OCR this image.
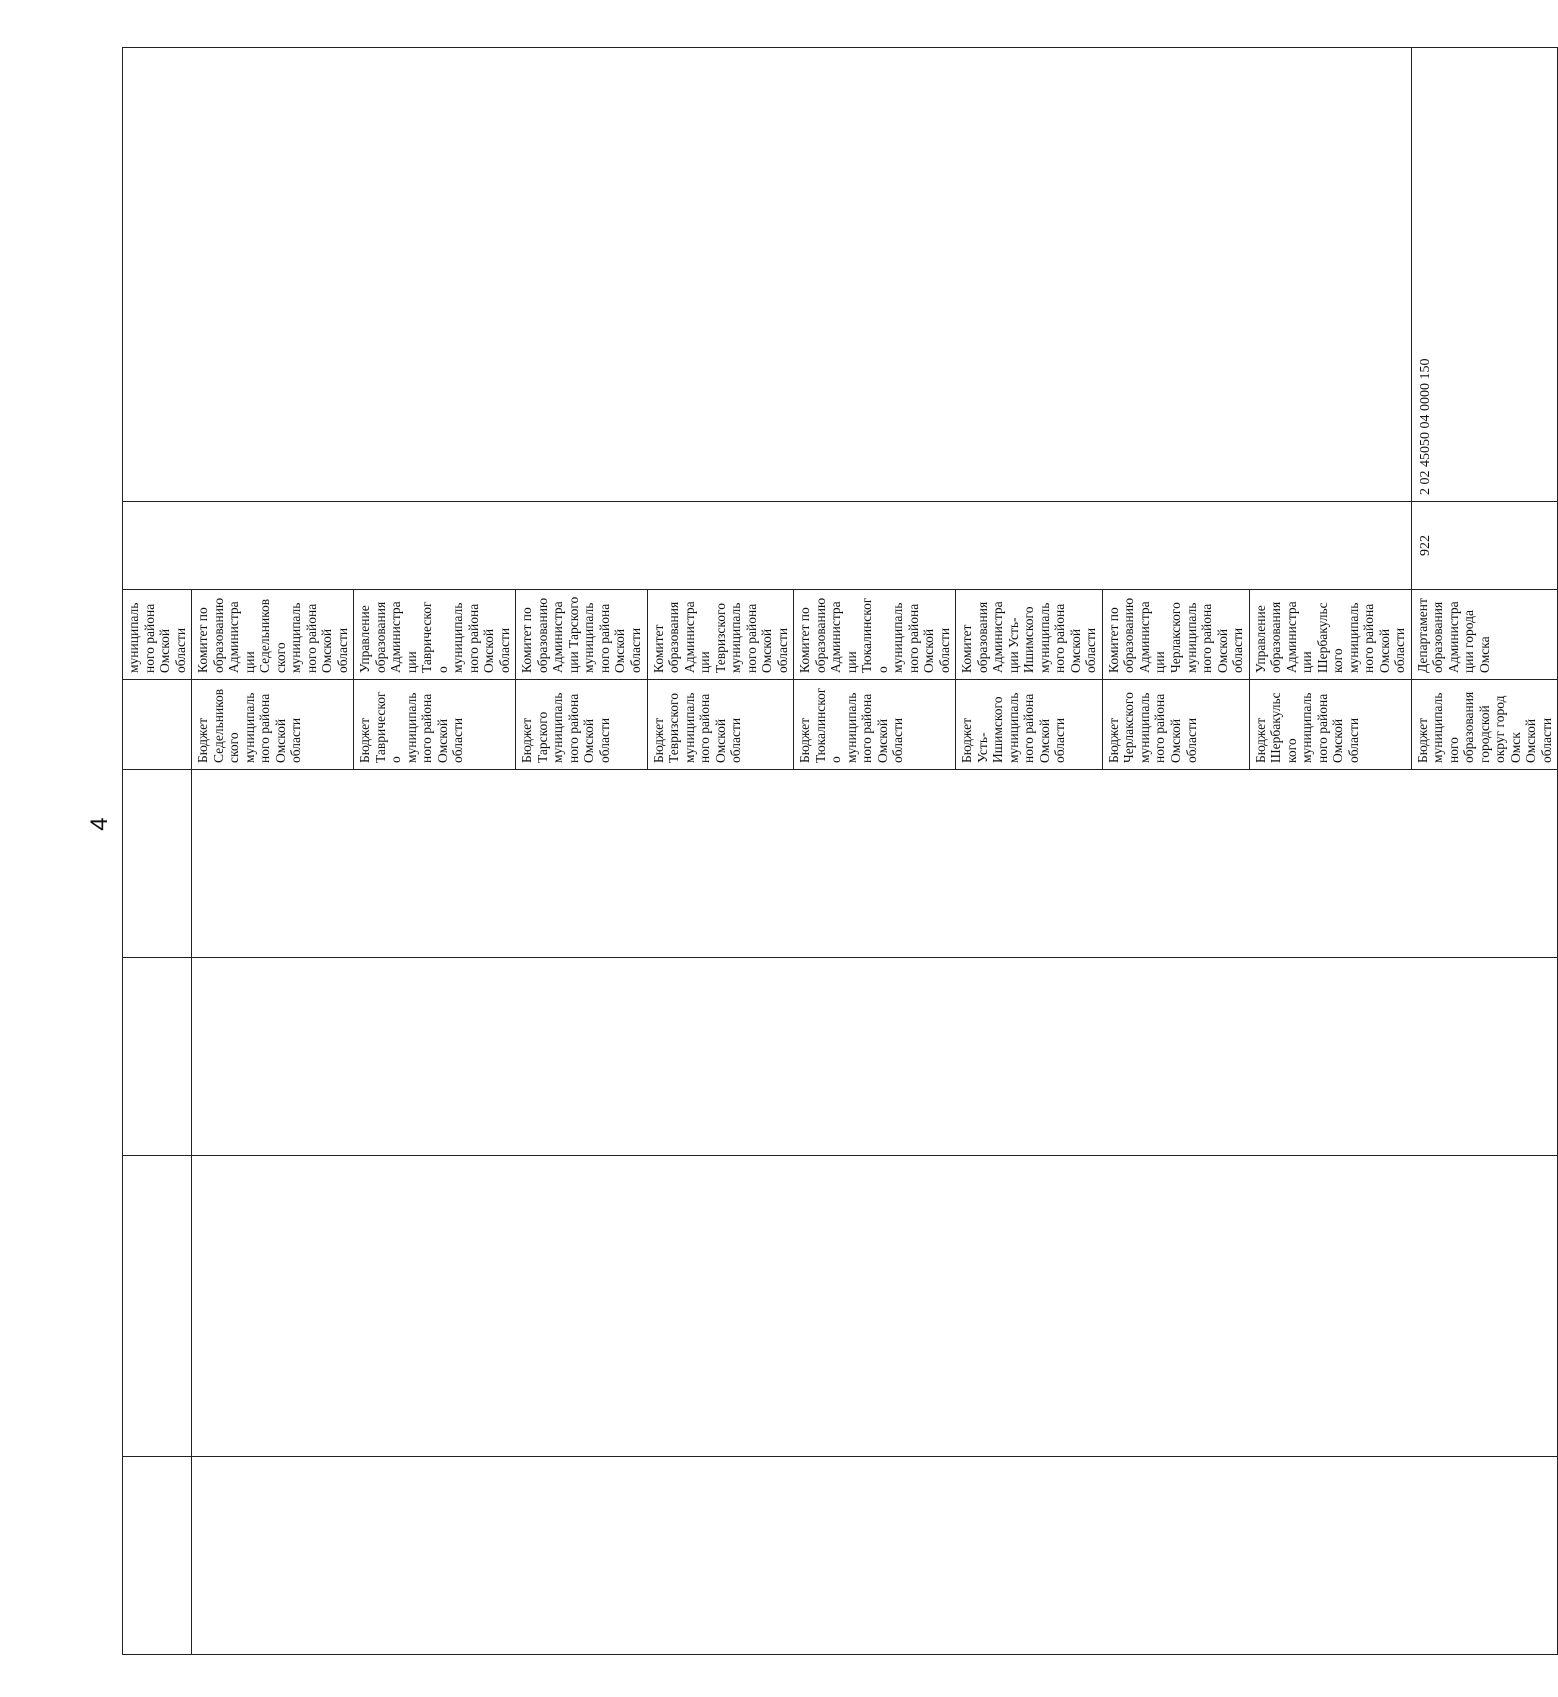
4
					муниципального района Омской области		
				Бюджет Седельниковского муниципального района Омской области	Комитет по образованию Администрации Седельниковского муниципального района Омской области		
				Бюджет Таврического муниципального района Омской области	Управление образования Администрации Таврического муниципального района Омской области		
				Бюджет Тарского муниципального района Омской области	Комитет по образованию Администрации Тарского муниципального района Омской области		
				Бюджет Тевризского муниципального района Омской области	Комитет образования Администрации Тевризского муниципального района Омской области		
				Бюджет Тюкалинского муниципального района Омской области	Комитет по образованию Администрации Тюкалинского муниципального района Омской области		
				Бюджет Усть-Ишимского муниципального района Омской области	Комитет образования Администрации Усть-Ишимского муниципального района Омской области		
				Бюджет Черлакского муниципального района Омской области	Комитет по образованию Администрации Черлакского муниципального района Омской области		
				Бюджет Шербакульского муниципального района Омской области	Управление образования Администрации Шербакульского муниципального района Омской области		
				Бюджет муниципального образования городской округ город Омск Омской области	Департамент образования Администрации города Омска	922	2 02 45050 04 0000 150
